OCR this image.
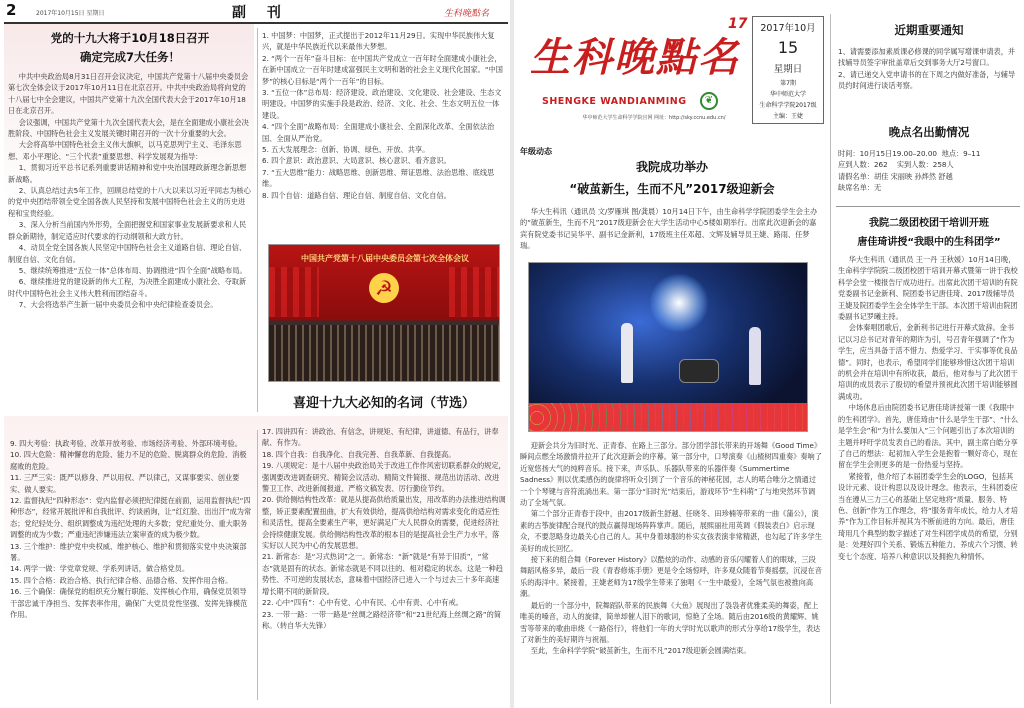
2	2017年10月15日 星期日	副 刊	生科晚點名
党的十九大将于10月18日召开
确定完成7大任务！

中共中央政治局8月31日召开会议决定，中国共产党第十八届中央委员会第七次全体会议于2017年10月11日在北京召开。中共中央政治局将向党的十八届七中全会建议，中国共产党第十九次全国代表大会于2017年10月18日在北京召开。

会议强调，中国共产党第十九次全国代表大会，是在全面建成小康社会决胜阶段、中国特色社会主义发展关键时期召开的一次十分重要的大会。

大会将高举中国特色社会主义伟大旗帜，以马克思列宁主义、毛泽东思想、邓小平理论、“三个代表”重要思想、科学发展观为指导：

1、贯彻习近平总书记系列重要讲话精神和党中央治国理政新理念新思想新战略。

2、认真总结过去5年工作，回顾总结党的十八大以来以习近平同志为核心的党中央团结带领全党全国各族人民坚持和发展中国特色社会主义的历史进程和宝贵经验。

3、深入分析当前国内外形势，全面把握党和国家事业发展新要求和人民群众新期待，制定适应时代要求的行动纲领和大政方针。

4、动员全党全国各族人民坚定中国特色社会主义道路自信、理论自信、制度自信、文化自信。

5、继续统筹推进“五位一体”总体布局、协调推进“四个全面”战略布局。

6、继续推进党的建设新的伟大工程，为决胜全面建成小康社会、夺取新时代中国特色社会主义伟大胜利而团结奋斗。

7、大会将选举产生新一届中央委员会和中央纪律检查委员会。

1. 中国梦：中国梦，正式提出于2012年11月29日。实现中华民族伟大复兴，就是中华民族近代以来最伟大梦想。

2. “两个一百年”奋斗目标：在中国共产党成立一百年时全面建成小康社会，在新中国成立一百年时建成富强民主文明和谐的社会主义现代化国家。“中国梦”的核心目标是“两个一百年”的目标。

3. “五位一体”总布局：经济建设、政治建设、文化建设、社会建设、生态文明建设。中国梦的实施手段是政治、经济、文化、社会、生态文明五位一体建设。

4. “四个全面”战略布局：全面建成小康社会、全面深化改革、全面依法治国、全面从严治党。

5. 五大发展理念：创新、协调、绿色、开放、共享。

6. 四个意识：政治意识、大局意识、核心意识、看齐意识。

7. “五大思维”能力：战略思维、创新思维、辩证思维、法治思维、底线思维。

8. 四个自信：道路自信、理论自信、制度自信、文化自信。

中国共产党第十八届中央委员会第七次全体会议
☭
喜迎十九大必知的名词（节选）

9. 四大考验：执政考验、改革开放考验、市场经济考验、外部环境考验。

10. 四大危险：精神懈怠的危险、能力不足的危险、脱离群众的危险、消极腐败的危险。

11. 三严三实：既严以修身、严以用权、严以律己，又谋事要实、创业要实、做人要实。

12. 监督执纪“四种形态”：党内监督必须把纪律挺在前面，运用监督执纪“四种形态”，经常开展批评和自我批评、约谈函询，让“红红脸、出出汗”成为常态；党纪轻处分、组织调整成为违纪处理的大多数；党纪重处分、重大职务调整的成为少数；严重违纪涉嫌违法立案审查的成为极少数。

13. 三个维护：维护党中央权威、维护核心、维护和贯彻落实党中央决策部署。

14. 两学一做：学党章党规、学系列讲话，做合格党员。

15. 四个合格：政治合格、执行纪律合格、品德合格、发挥作用合格。

16. 三个确保：确保党的组织充分履行职能、发挥核心作用，确保党员领导干部忠诚干净担当、发挥表率作用，确保广大党员党性坚强、发挥先锋模范作用。

17. 四讲四有：讲政治、有信念，讲规矩、有纪律，讲道德、有品行，讲奉献、有作为。

18. 四个自我：自我净化、自我完善、自我革新、自我提高。

19. 八项规定：是十八届中央政治局关于改进工作作风密切联系群众的规定，强调要改进调查研究、精简会议活动、精简文件简报、规范出访活动、改进警卫工作、改进新闻报道、严格文稿发表、厉行勤俭节约。

20. 供给侧结构性改革：就是从提高供给质量出发，用改革的办法推进结构调整，矫正要素配置扭曲，扩大有效供给，提高供给结构对需求变化的适应性和灵活性，提高全要素生产率，更好满足广大人民群众的需要，促进经济社会持续健康发展。供给侧结构性改革的根本目的是提高社会生产力水平，落实好以人民为中心的发展思想。

21. 新常态：是“习式热词”之一。新常态：“新”就是“有异于旧质”，“常态”就是固有的状态。新常态就是不同以往的、相对稳定的状态。这是一种趋势性、不可逆的发展状态，意味着中国经济已进入一个与过去三十多年高速增长期不同的新阶段。

22. 心中“四有”：心中有党、心中有民、心中有责、心中有戒。

23. 一带一路：一带一路是“丝绸之路经济带”和“21世纪海上丝绸之路”的简称。（转自华大先锋）

生科晚點名
17
SHENGKE WANDIANMING	❦
华中师范大学生命科学学院官网 网址：http://sky.ccnu.edu.cn/
2017年10月
15
星期日
第7期
华中师范大学
生命科学学院2017级
主编：王婕
近期重要通知

1、请需要添加素质课必修课的同学属写增课申请表，并找辅导员签字审批盖章后交到事务大厅2号窗口。

2、请已递交入党申请书的在下周之内做好准备，与辅导员约时间进行谈话考察。

晚点名出勤情况
时间：10月15日19.00–20.00 地点：9–11
应到人数：262 实到人数：258人
请假名单：胡佳 宋丽映 孙烨然 舒越
缺席名单：无
我院二级团校团干培训开班
唐佳琦讲授“我眼中的生科团学”

华大生科讯（通讯员 王一丹 王秋媛）10月14日晚，生命科学学院院二级团校团干培训开幕式暨第一讲于我校科学会堂一楼报告厅成功进行。出席此次团干培训的有院党委副书记金新利、院团委书记唐佳琦、2017级辅导员王婕及院团委学生会全体学生干部。本次团干培训由院团委副书记罗曦主持。

会体秦唱团歌后，金新利书记进行开幕式致辞。金书记以习总书记对青年的期许为引，号召青年强调了“作为学生，应当具备于活不惜力、热爱学习、干实事等优良品德”。同时，也表示，希望同学们能够珍惜这次团干培训的机会并在培训中有所收获，最后，他对参与了此次团干培训的成员表示了殷切的希望并预祝此次团干培训能够圆满成功。

中场休息后由院团委书记唐佳琦讲授第一课《我眼中的生科团学》。首先，唐佳琦由“什么是学生干部”、“什么是学生会”和“为什么要加入”三个问题引出了本次培训的主题并呼吁学员发表自己的看法。其中，副主席白皓分享了自己的想法：起初加入学生会是抱着一颗好奇心，现在留在学生会则更多的是一份热爱与坚持。

紧接着，他介绍了本届团委学生会的LOGO，包括其设计元素、设计构思以及设计理念。他表示，生科团委应当在遵从三力三心的基础上坚定地将“质量、服务、特色、创新”作为工作理念，将“服务青年成长，给力人才培养”作为工作目标并视其为不断前进的方向。最后，唐佳琦用几个典型的数字描述了对生科团学成员的希望，分别是：处理好四个关系、锻炼五种能力、养成六个习惯、转变七个态度、培养八种意识以及拥抱九种情怀。

年级动态
我院成功举办
“破茧新生，生而不凡”2017级迎新会

华大生科讯（通讯员 文/罗雁琪 图/龚晨）10月14日下午，由生命科学学院团委学生会主办的“破茧新生，生而不凡”2017级迎新会在大学生活动中心5楼如期举行。出席此次迎新会的嘉宾有院党委书记吴华平、副书记金新利，17级班主任邓超、文辉及辅导员王婕、路雨、任梦瑞。

迎新会共分为旧时光、正青春、在路上三部分。部分团学部长带来的开场舞《Good Time》瞬间点燃全场激情并拉开了此次迎新会的序幕。第一部分中，口琴演奏《山楂树四重奏》奏响了近宽悠扬大气的纯粹音乐。接下来，声乐队、乐器队带来的乐器伴奏《Summertime Sadness》则以优柔感伤的旋律将听众引到了一个音乐的神秘花园，志人的喏合唯分之情通过一个个琴键与音符流淌出来。第一部分“旧时光”结束后，游戏环节“生科萌”了与地突然环节调动了全场气氛。

第二个部分正青春于段中，由2017级新生舒越、任晓冬、田珍楠等带来的一曲《蒲公》，演素的古筝旋律配合现代的鼓点赢得现场阵阵掌声。随后，展熙丽社用英调《假装表白》启示现众，不要忽略身边最关心自己的人。其中身着球服的朴实女孩表演非常精湛，也勾起了许多学生美好的成长回忆。

接下来的组合舞《Forever History》以酷炫的动作、动感的音乐闪耀着人们的眼球，三段舞蹈风格多异，最后一段《青春修炼手册》更是令全场惊呼，许多观众随着节奏摇摆，沉浸在音乐的海洋中。紧接着，王婕老师为17级学生带来了独唱《一生中最爱》，全场气氛也被推向高潮。

最后的一个部分中，院舞蹈队带来的民族舞《大鱼》展现出了袅袅者优雅柔美的舞姿，配上唯美的嗓音，动人的旋律，简单却催人泪下的歌词，惊艳了全场。随后由2016级的黄耀辉、姚雪等带来的歌曲串烧《一路俗行》，将他们一年的大学时光以歌声的形式分享给17级学生，表达了对新生的美好期许与祝福。

至此，生命科学学院“破茧新生，生而不凡”2017级迎新会圆满结束。
